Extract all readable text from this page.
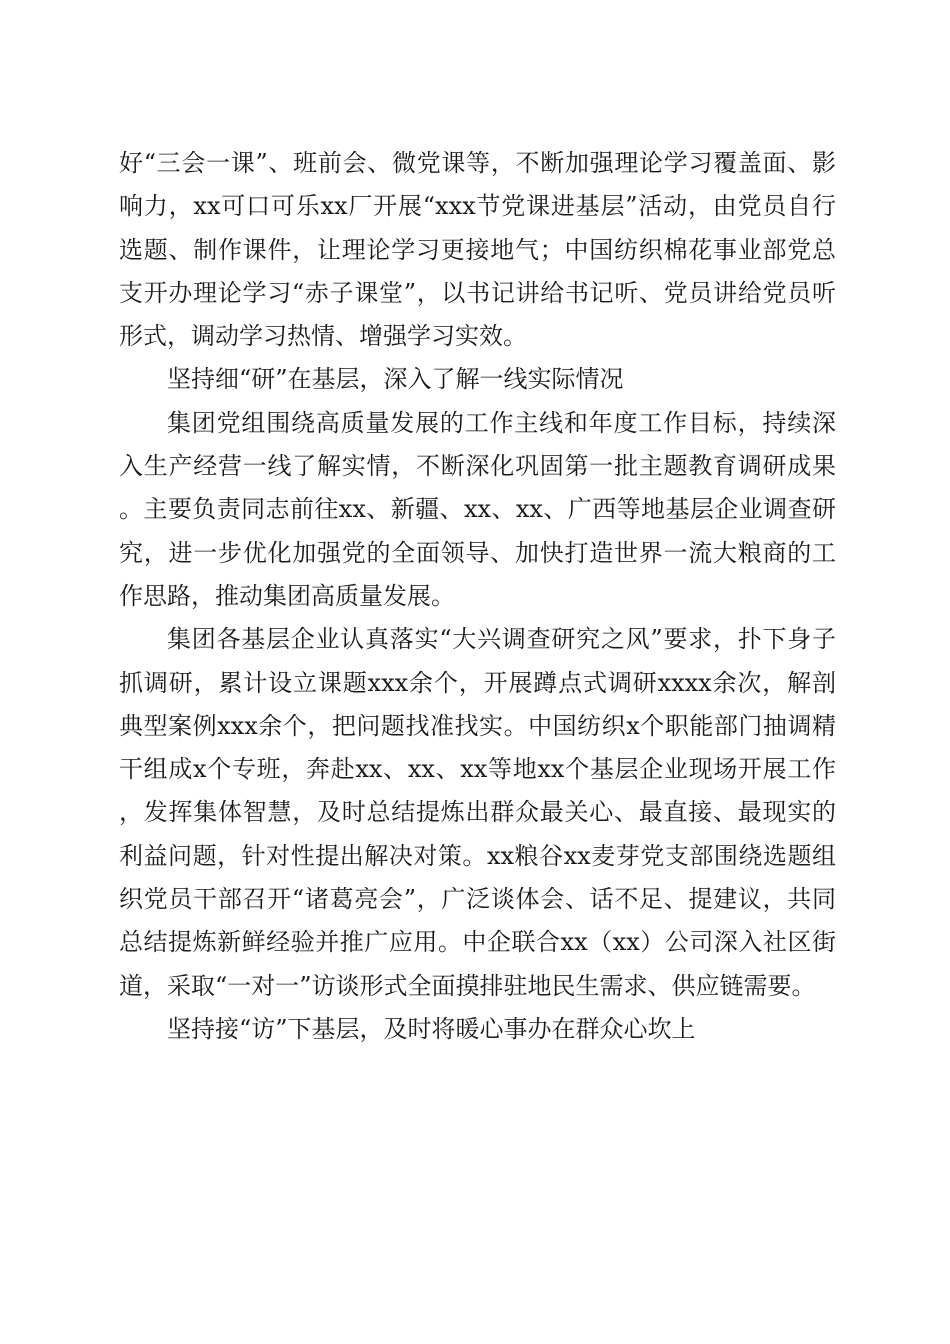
好“三会一课”、班前会、微党课等，不断加强理论学习覆盖面、影响力，xx可口可乐xx厂开展“xxx节党课进基层”活动，由党员自行选题、制作课件，让理论学习更接地气；中国纺织棉花事业部党总支开办理论学习“赤子课堂”，以书记讲给书记听、党员讲给党员听形式，调动学习热情、增强学习实效。

坚持细“研”在基层，深入了解一线实际情况

集团党组围绕高质量发展的工作主线和年度工作目标，持续深入生产经营一线了解实情，不断深化巩固第一批主题教育调研成果。主要负责同志前往xx、新疆、xx、xx、广西等地基层企业调查研究，进一步优化加强党的全面领导、加快打造世界一流大粮商的工作思路，推动集团高质量发展。

集团各基层企业认真落实“大兴调查研究之风”要求，扑下身子抓调研，累计设立课题xxx余个，开展蹲点式调研xxxx余次，解剖典型案例xxx余个，把问题找准找实。中国纺织x个职能部门抽调精干组成x个专班，奔赴xx、xx、xx等地xx个基层企业现场开展工作，发挥集体智慧，及时总结提炼出群众最关心、最直接、最现实的利益问题，针对性提出解决对策。xx粮谷xx麦芽党支部围绕选题组织党员干部召开“诸葛亮会”，广泛谈体会、话不足、提建议，共同总结提炼新鲜经验并推广应用。中企联合xx（xx）公司深入社区街道，采取“一对一”访谈形式全面摸排驻地民生需求、供应链需要。

坚持接“访”下基层，及时将暖心事办在群众心坎上
